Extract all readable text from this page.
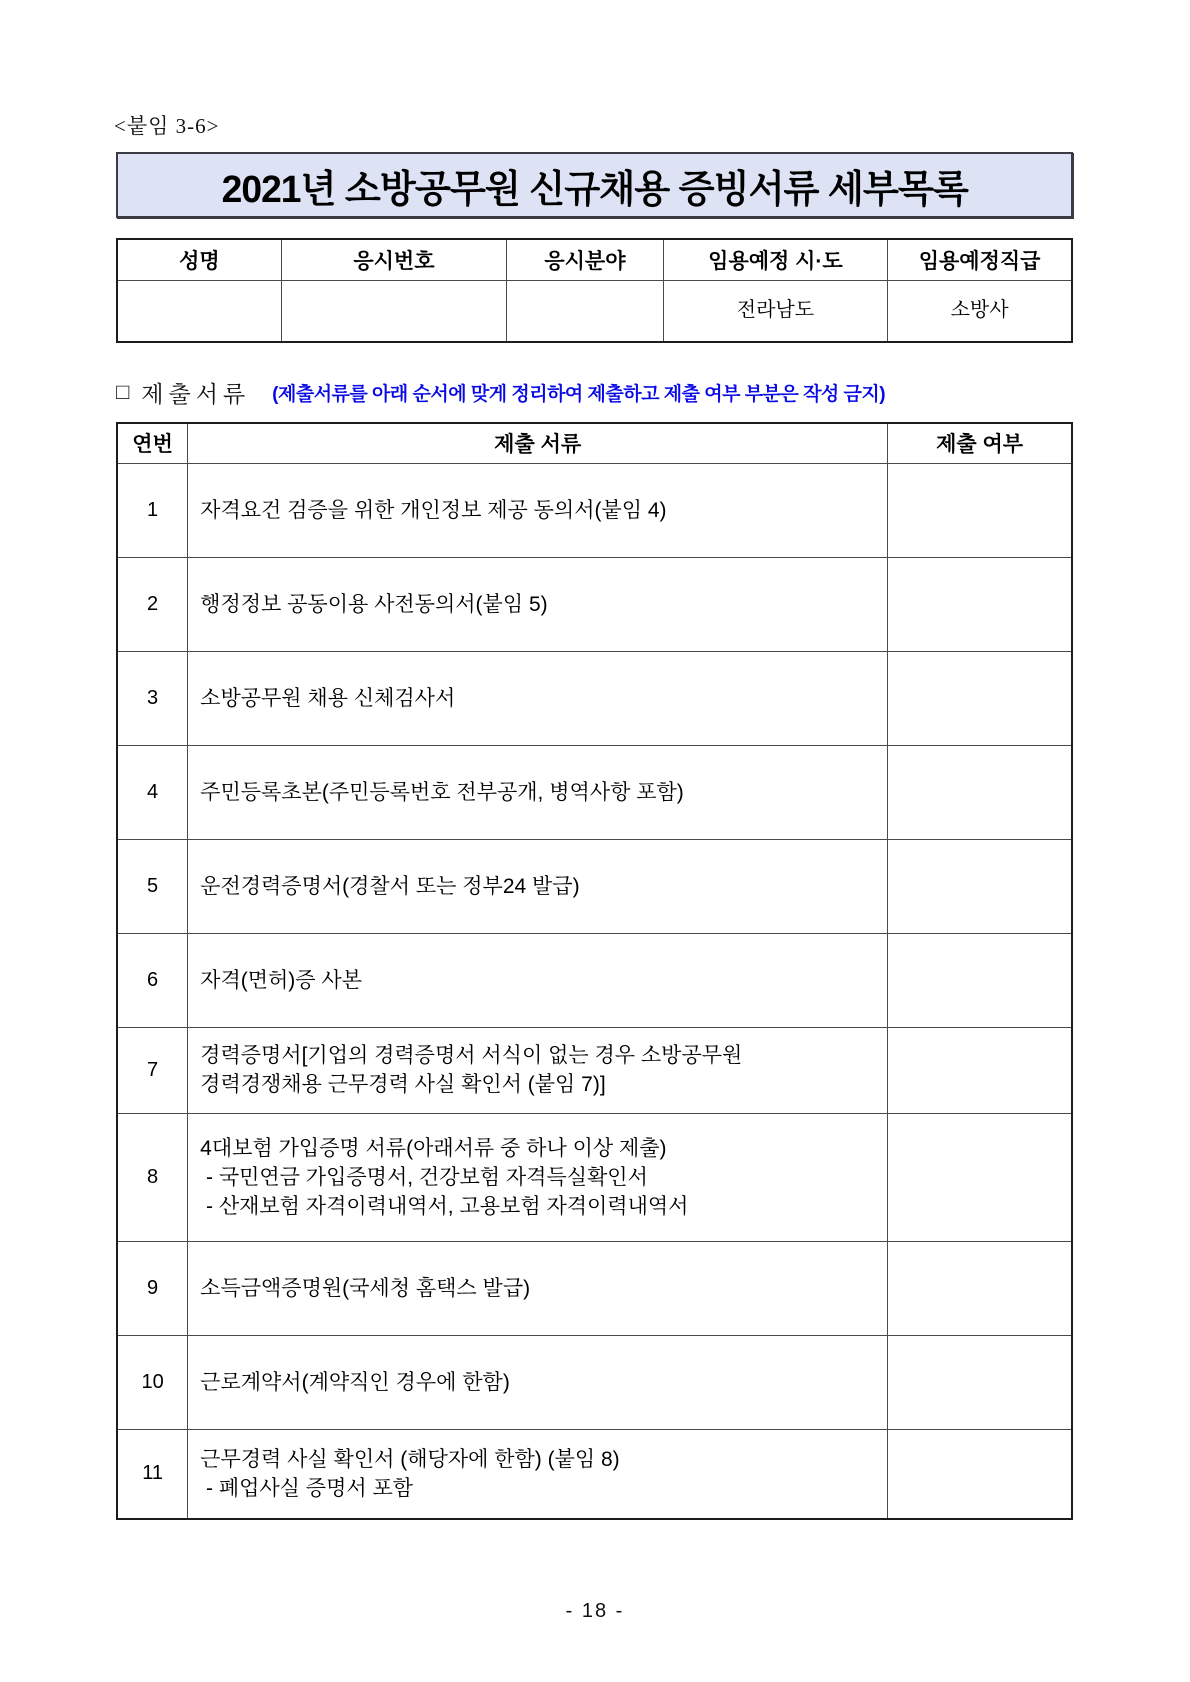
<붙임 3-6>
2021년 소방공무원 신규채용 증빙서류 세부목록
성명	응시번호	응시분야	임용예정 시·도	임용예정직급
			전라남도	소방사
□ 제출서류 (제출서류를 아래 순서에 맞게 정리하여 제출하고 제출 여부 부분은 작성 금지)
연번	제출 서류	제출 여부
1	자격요건 검증을 위한 개인정보 제공 동의서(붙임 4)	

2	행정정보 공동이용 사전동의서(붙임 5)	

3	소방공무원 채용 신체검사서	

4	주민등록초본(주민등록번호 전부공개, 병역사항 포함)	

5	운전경력증명서(경찰서 또는 정부24 발급)	

6	자격(면허)증 사본	

7	경력증명서[기업의 경력증명서 서식이 없는 경우 소방공무원
경력경쟁채용 근무경력 사실 확인서 (붙임 7)]	

8	4대보험 가입증명 서류(아래서류 중 하나 이상 제출)
- 국민연금 가입증명서, 건강보험 자격득실확인서
- 산재보험 자격이력내역서, 고용보험 자격이력내역서	

9	소득금액증명원(국세청 홈택스 발급)	

10	근로계약서(계약직인 경우에 한함)	

11	근무경력 사실 확인서 (해당자에 한함) (붙임 8)
- 폐업사실 증명서 포함	

- 18 -
